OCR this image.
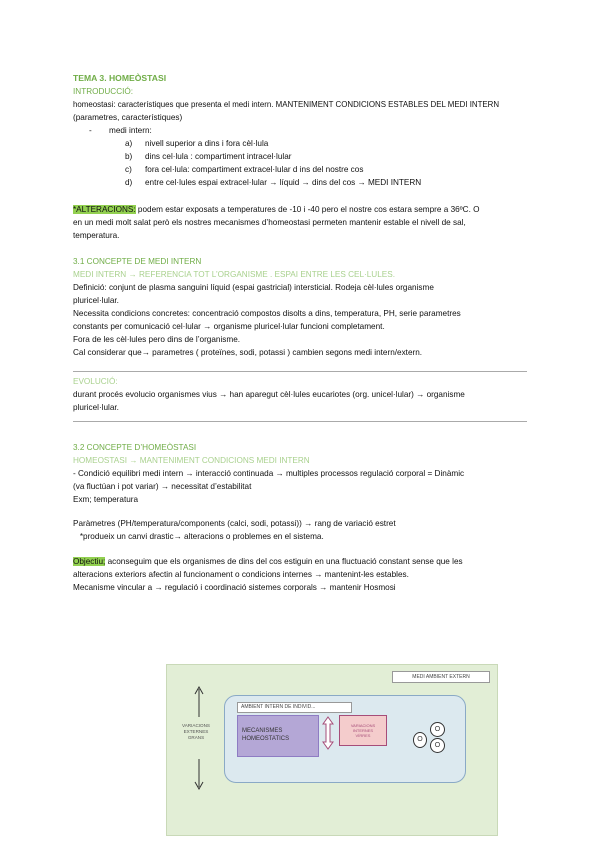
TEMA 3. HOMEÒSTASI
INTRODUCCIÓ:
homeostasi: característiques que presenta el medi intern. MANTENIMENT CONDICIONS ESTABLES DEL MEDI INTERN
(parametres, característiques)
- medi intern:
a) nivell superior a dins i fora cèl·lula
b) dins cel·lula : compartiment intracel·lular
c) fora cel·lula: compartiment extracel·lular d ins del nostre cos
d) entre cel·lules espai extracel·lular → líquid → dins del cos → MEDI INTERN
*ALTERACIONS: podem estar exposats a temperatures de -10 i -40 pero el nostre cos estara sempre a 36ºC. O
en un medi molt salat però els nostres mecanismes d’homeostasi permeten mantenir estable el nivell de sal,
temperatura.
3.1 CONCEPTE DE MEDI INTERN
MEDI INTERN → REFERENCIA TOT L’ORGANISME . ESPAI ENTRE LES CEL·LULES.
Definició: conjunt de plasma sanguini líquid (espai gastricial) intersticial. Rodeja cèl·lules organisme
pluricel·lular.
Necessita condicions concretes: concentració compostos disolts a dins, temperatura, PH, serie parametres
constants per comunicació cel·lular → organisme pluricel·lular funcioni completament.
Fora de les cèl·lules pero dins de l’organisme.
Cal considerar que→ parametres ( proteïnes, sodi, potassi ) cambien segons medi intern/extern.
EVOLUCIÓ:
durant procés evolucio organismes vius → han aparegut cèl·lules eucariotes (org. unicel·lular) → organisme
pluricel·lular.
3.2 CONCEPTE D’HOMEÒSTASI
HOMEOSTASI → MANTENIMENT CONDICIONS MEDI INTERN
- Condició equilibri medi intern → interacció continuada → multiples processos regulació corporal = Dinàmic
(va fluctúan i pot variar) → necessitat d’estabilitat
Exm; temperatura
Paràmetres (PH/temperatura/components (calci, sodi, potassi)) → rang de variació estret
*produeix un canvi drastic→ alteracions o problemes en el sistema.
Objectiu; aconseguim que els organismes de dins del cos estiguin en una fluctuació constant sense que les
alteracions exteriors afectin al funcionament o condicions internes → mantenint-les estables.
Mecanisme vincular a → regulació i coordinació sistemes corporals → mantenir Hosmosi
MEDI AMBIENT EXTERN
VARIACIONS
EXTERNES
GRANS
AMBIENT INTERN DE INDIVID...
MECANISMES
HOMEOSTATICS
VARIACIONS
INTERNES
VÍRRES
O
O
O
